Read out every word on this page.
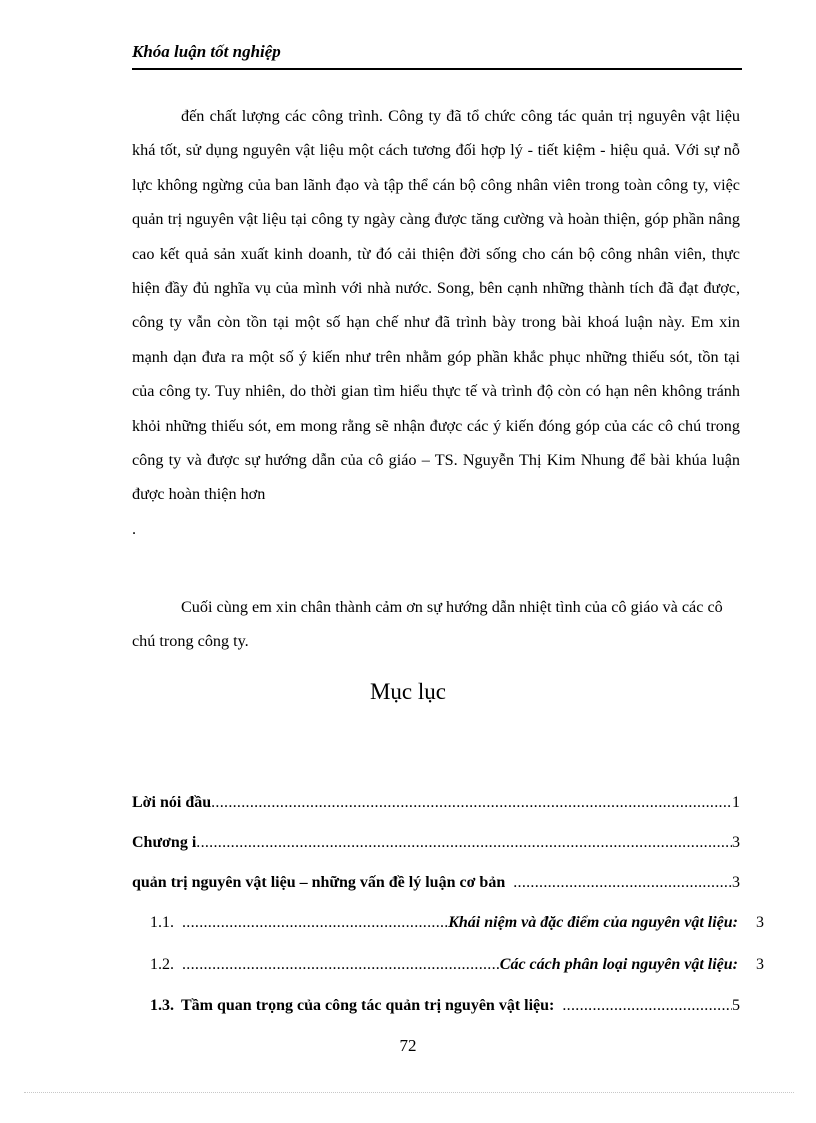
Khóa luận tốt nghiệp

đến chất lượng các công trình. Công ty đã tổ chức công tác quản trị nguyên vật liệu khá tốt, sử dụng nguyên vật liệu một cách tương đối hợp lý - tiết kiệm - hiệu quả. Với sự nỗ lực không ngừng của ban lãnh đạo và tập thể cán bộ công nhân viên trong toàn công ty, việc quản trị nguyên vật liệu tại công ty ngày càng được tăng cường và hoàn thiện, góp phần nâng cao kết quả sản xuất kinh doanh, từ đó cải thiện đời sống cho cán bộ công nhân viên, thực hiện đầy đủ nghĩa vụ của mình với nhà nước. Song, bên cạnh những thành tích đã đạt được, công ty vẫn còn tồn tại một số hạn chế như đã trình bày trong bài khoá luận này. Em xin mạnh dạn đưa ra một số ý kiến như trên nhằm góp phần khắc phục những thiếu sót, tồn tại của công ty. Tuy nhiên, do thời gian tìm hiểu thực tế và trình độ còn có hạn nên không tránh khỏi những thiếu sót, em mong rằng sẽ nhận được các ý kiến đóng góp của các cô chú trong công ty và được sự hướng dẫn của cô giáo – TS. Nguyễn Thị Kim Nhung để bài khúa luận được hoàn thiện hơn
.

Cuối cùng em xin chân thành cảm ơn sự hướng dẫn nhiệt tình của cô giáo và các cô chú trong công ty.

Mục lục
Lời nói đầu .....	1
Chương i .....	3
quản trị nguyên vật liệu – những vấn đề lý luận cơ bản .....	3
1.1. .....	Khái niệm và đặc điểm của nguyên vật liệu: 3
1.2. .....	Các cách phân loại nguyên vật liệu: 3
1.3. Tầm quan trọng của công tác quản trị nguyên vật liệu: .....	5
72
